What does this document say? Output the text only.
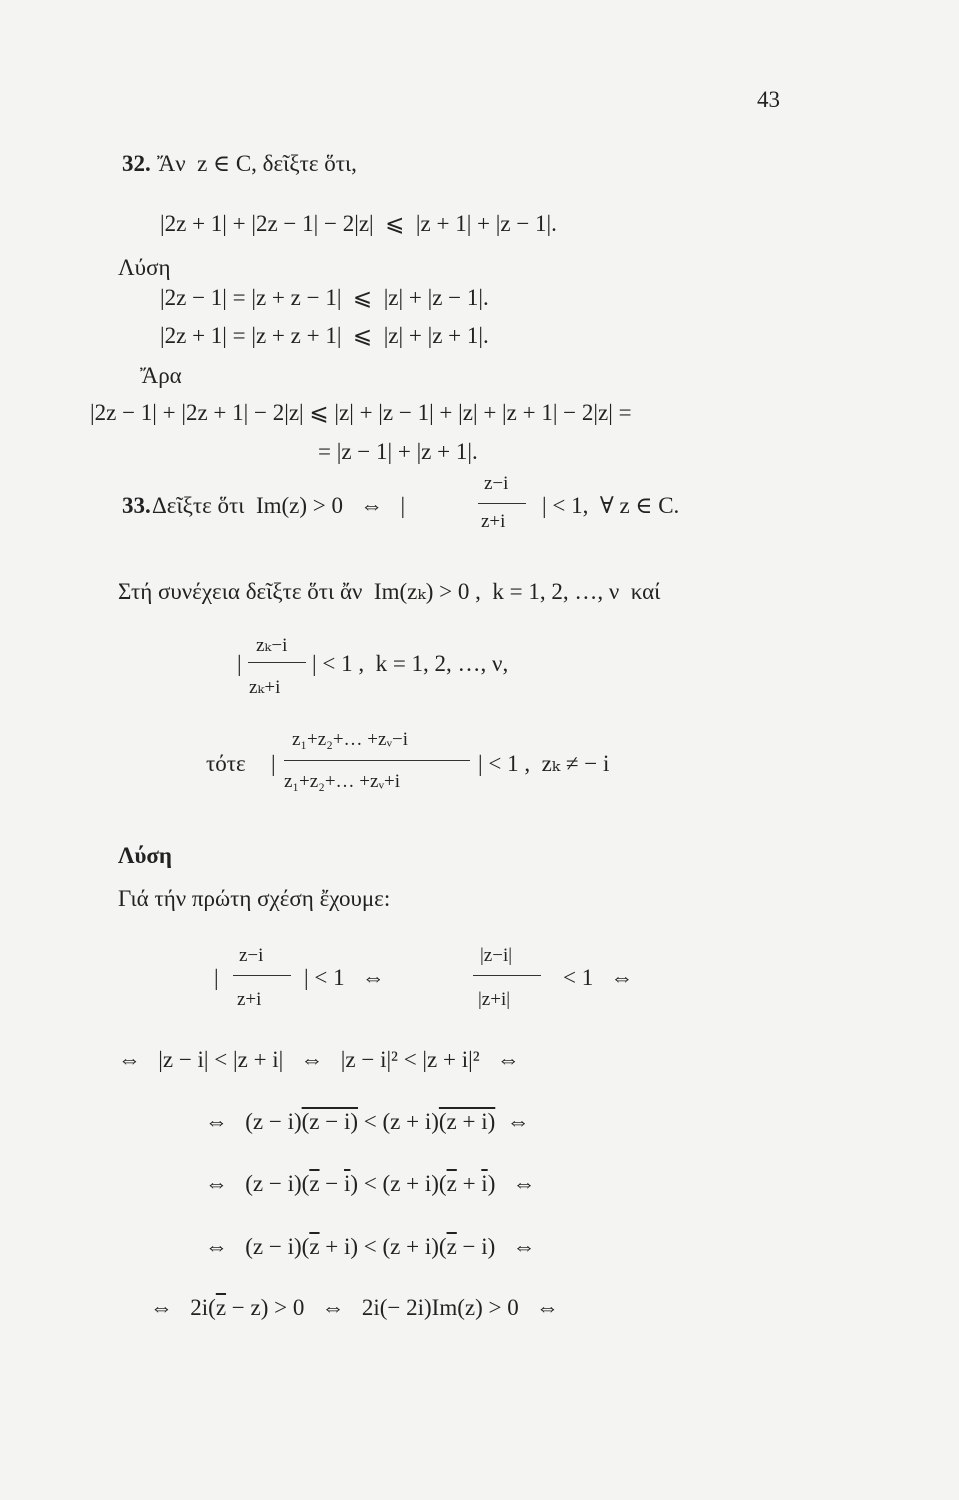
43
32. Ἄν  z ∈ C, δεῖξτε ὅτι,
|2z + 1| + |2z − 1| − 2|z|  ⩽  |z + 1| + |z − 1|.
Λύση
|2z − 1| = |z + z − 1|  ⩽  |z| + |z − 1|.
|2z + 1| = |z + z + 1|  ⩽  |z| + |z + 1|.
Ἄρα
|2z − 1| + |2z + 1| − 2|z| ⩽ |z| + |z − 1| + |z| + |z + 1| − 2|z| =
= |z − 1| + |z + 1|.
33. Δεῖξτε ὅτι  Im(z) > 0   ⇔   |
z−i
z+i
| < 1,  ∀ z ∈ C.
Στή συνέχεια δεῖξτε ὅτι ἄν  Im(zₖ) > 0 ,  k = 1, 2, …, ν  καί
|
zₖ−i
zₖ+i
| < 1 ,  k = 1, 2, …, ν,
τότε |
z₁+z₂+… +zᵥ−i
z₁+z₂+… +zᵥ+i
| < 1 ,  zₖ ≠ − i
Λύση
Γιά τήν πρώτη σχέση ἔχουμε:
|
z−i
z+i
| < 1   ⇔
|z−i|
|z+i|
< 1   ⇔
⇔   |z − i| < |z + i|   ⇔   |z − i|² < |z + i|²   ⇔
⇔   (z − i)(z − i) < (z + i)(z + i)  ⇔
⇔   $(z - i)(\overline{z} - \overline{i}) < (z + i)(\overline{z} + \overline{i})$   ⇔
⇔   $(z - i)(\overline{z} + i) < (z + i)(\overline{z} - i)$   ⇔
⇔   $2i(\overline{z} - z) > 0$   ⇔   2i(− 2i)Im(z) > 0   ⇔
